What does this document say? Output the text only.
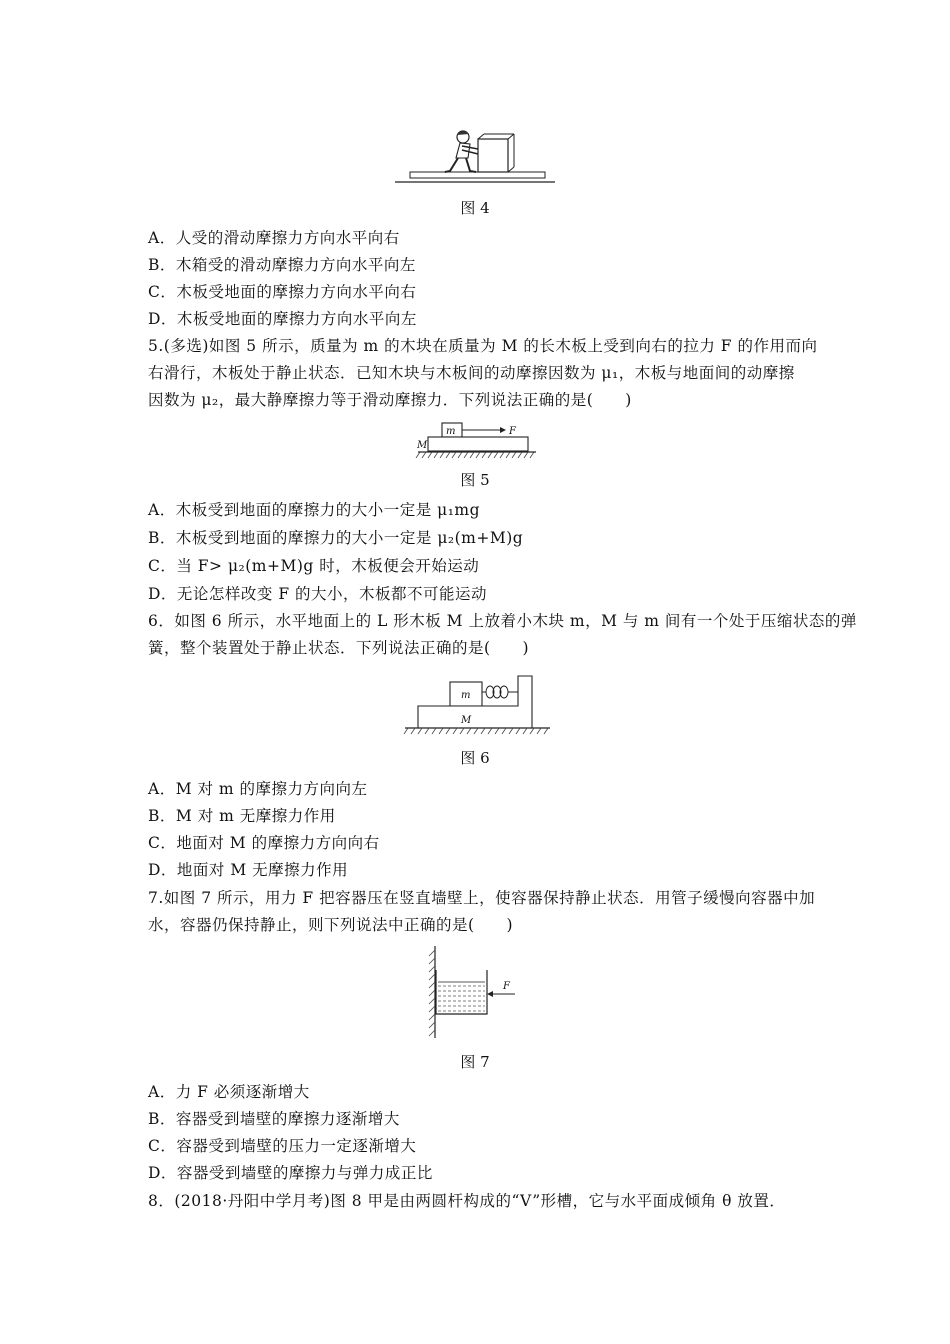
图 4
A．人受的滑动摩擦力方向水平向右
B．木箱受的滑动摩擦力方向水平向左
C．木板受地面的摩擦力方向水平向右
D．木板受地面的摩擦力方向水平向左
5.(多选)如图 5 所示，质量为 m 的木块在质量为 M 的长木板上受到向右的拉力 F 的作用而向
右滑行，木板处于静止状态．已知木块与木板间的动摩擦因数为 μ₁，木板与地面间的动摩擦
因数为 μ₂，最大静摩擦力等于滑动摩擦力．下列说法正确的是(　　)
m	F
M
图 5
A．木板受到地面的摩擦力的大小一定是 μ₁mg
B．木板受到地面的摩擦力的大小一定是 μ₂(m+M)g
C．当 F> μ₂(m+M)g 时，木板便会开始运动
D．无论怎样改变 F 的大小，木板都不可能运动
6．如图 6 所示，水平地面上的 L 形木板 M 上放着小木块 m，M 与 m 间有一个处于压缩状态的弹
簧，整个装置处于静止状态．下列说法正确的是(　　)
m
M
图 6
A．M 对 m 的摩擦力方向向左
B．M 对 m 无摩擦力作用
C．地面对 M 的摩擦力方向向右
D．地面对 M 无摩擦力作用
7.如图 7 所示，用力 F 把容器压在竖直墙壁上，使容器保持静止状态．用管子缓慢向容器中加
水，容器仍保持静止，则下列说法中正确的是(　　)
F
图 7
A．力 F 必须逐渐增大
B．容器受到墙壁的摩擦力逐渐增大
C．容器受到墙壁的压力一定逐渐增大
D．容器受到墙壁的摩擦力与弹力成正比
8．(2018·丹阳中学月考)图 8 甲是由两圆杆构成的“V”形槽，它与水平面成倾角 θ 放置．
